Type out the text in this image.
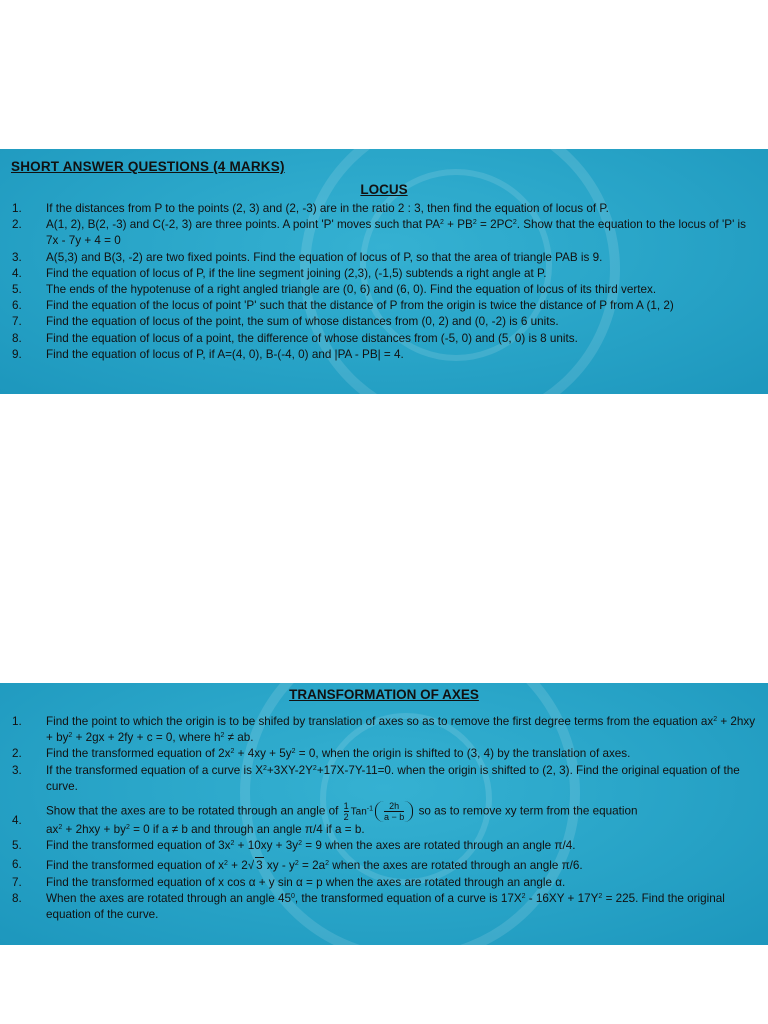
SHORT ANSWER QUESTIONS (4 MARKS)
LOCUS
1. If the distances from P to the points (2, 3) and (2, -3) are in the ratio 2 : 3, then find the equation of locus of P.
2. A(1, 2), B(2, -3) and C(-2, 3) are three points. A point 'P' moves such that $PA^2 + PB^2 = 2PC^2$. Show that the equation to the locus of 'P' is 7x - 7y + 4 = 0
3. A(5,3) and B(3, -2) are two fixed points. Find the equation of locus of P, so that the area of triangle PAB is 9.
4. Find the equation of locus of P, if the line segment joining (2,3), (-1,5) subtends a right angle at P.
5. The ends of the hypotenuse of a right angled triangle are (0, 6) and (6, 0). Find the equation of locus of its third vertex.
6. Find the equation of the locus of point 'P' such that the distance of P from the origin is twice the distance of P from A (1, 2)
7. Find the equation of locus of the point, the sum of whose distances from (0, 2) and (0, -2) is 6 units.
8. Find the equation of locus of a point, the difference of whose distances from (-5, 0) and (5, 0) is 8 units.
9. Find the equation of locus of P, if A=(4, 0), B-(-4, 0) and |PA - PB| = 4.
TRANSFORMATION OF AXES
1. Find the point to which the origin is to be shifed by translation of axes so as to remove the first degree terms from the equation $ax^2 + 2hxy + by^2 + 2gx + 2fy + c = 0$, where $h^2$ ≠ ab.
2. Find the transformed equation of $2x^2 + 4xy + 5y^2 = 0$, when the origin is shifted to (3, 4) by the translation of axes.
3. If the transformed equation of a curve is $X^2+3XY-2Y^2+17X-7Y-11=0$. when the origin is shifted to (2, 3). Find the original equation of the curve.
4.
Show that the axes are to be rotated through an angle of $\frac{1}{2} Tan^{-1} \frac{2h}{a - b}$ so as to remove xy term from the equation
$ax^2 + 2hxy + by^2 = 0$ if a ≠ b and through an angle π/4 if a = b.
5. Find the transformed equation of $3x^2 + 10xy + 3y^2 = 9$ when the axes are rotated through an angle π/4.
6. Find the transformed equation of $x^2 + 2√$ 3 xy - $y^2 = 2a^2$ when the axes are rotated through an angle π/6.
7. Find the transformed equation of x cos α + y sin α = p when the axes are rotated through an angle α.
8. When the axes are rotated through an angle $45^0$, the transformed equation of a curve is $17X^2 - 16XY + 17Y^2 = 225$. Find the original equation of the curve.
